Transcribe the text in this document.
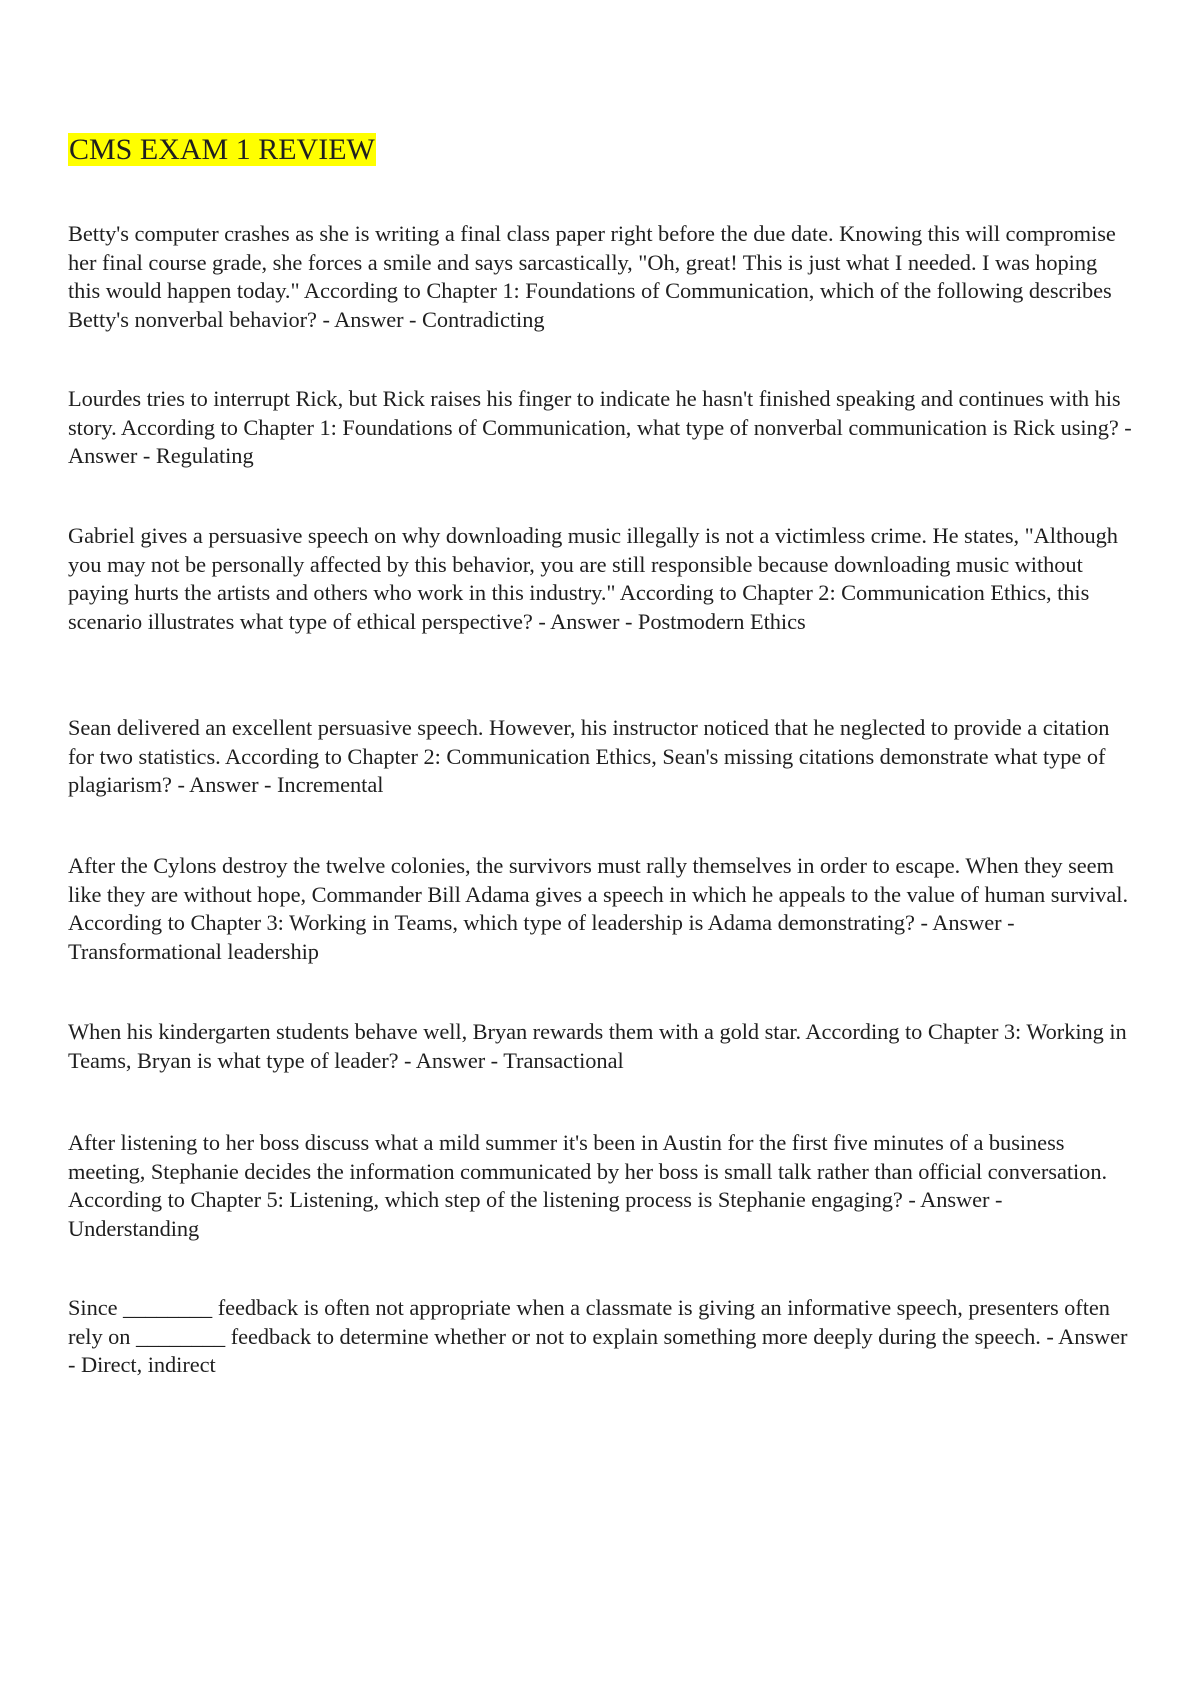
CMS EXAM 1 REVIEW

Betty's computer crashes as she is writing a final class paper right before the due date. Knowing this will compromise her final course grade, she forces a smile and says sarcastically, "Oh, great! This is just what I needed. I was hoping this would happen today." According to Chapter 1: Foundations of Communication, which of the following describes Betty's nonverbal behavior? - Answer - Contradicting

Lourdes tries to interrupt Rick, but Rick raises his finger to indicate he hasn't finished speaking and continues with his story. According to Chapter 1: Foundations of Communication, what type of nonverbal communication is Rick using? - Answer - Regulating

Gabriel gives a persuasive speech on why downloading music illegally is not a victimless crime. He states, "Although you may not be personally affected by this behavior, you are still responsible because downloading music without paying hurts the artists and others who work in this industry." According to Chapter 2: Communication Ethics, this scenario illustrates what type of ethical perspective? - Answer - Postmodern Ethics

Sean delivered an excellent persuasive speech. However, his instructor noticed that he neglected to provide a citation for two statistics. According to Chapter 2: Communication Ethics, Sean's missing citations demonstrate what type of plagiarism? - Answer - Incremental

After the Cylons destroy the twelve colonies, the survivors must rally themselves in order to escape. When they seem like they are without hope, Commander Bill Adama gives a speech in which he appeals to the value of human survival. According to Chapter 3: Working in Teams, which type of leadership is Adama demonstrating? - Answer - Transformational leadership

When his kindergarten students behave well, Bryan rewards them with a gold star. According to Chapter 3: Working in Teams, Bryan is what type of leader? - Answer - Transactional

After listening to her boss discuss what a mild summer it's been in Austin for the first five minutes of a business meeting, Stephanie decides the information communicated by her boss is small talk rather than official conversation. According to Chapter 5: Listening, which step of the listening process is Stephanie engaging? - Answer - Understanding

Since ________ feedback is often not appropriate when a classmate is giving an informative speech, presenters often rely on ________ feedback to determine whether or not to explain something more deeply during the speech. - Answer - Direct, indirect
